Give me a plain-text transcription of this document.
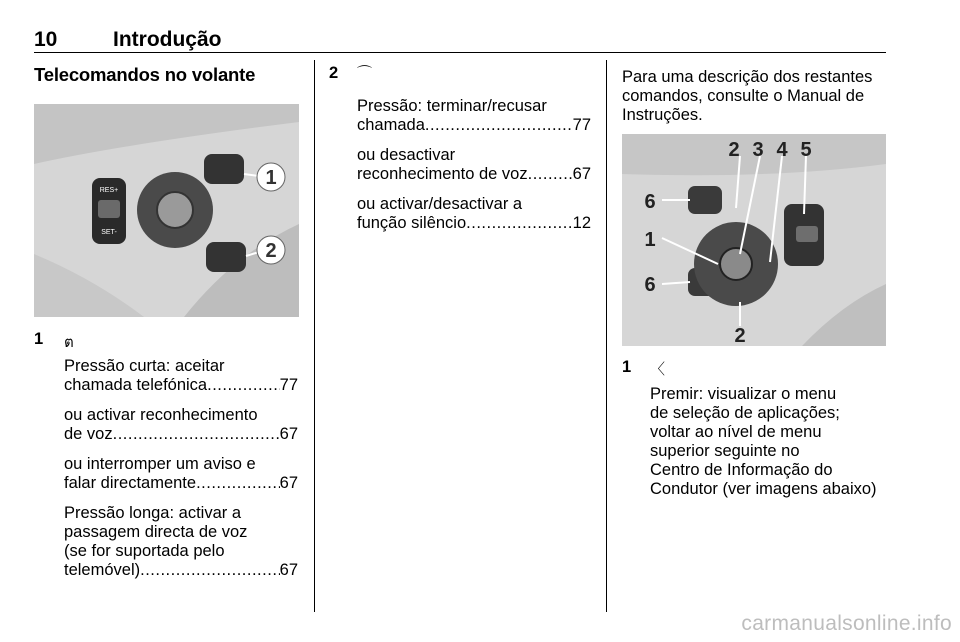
10	Introdução
Telecomandos no volante
1
2
RES+
SET-
1 ต
Pressão curta: aceitar
chamada telefónica .....	77
ou activar reconhecimento
de voz .....	67
ou interromper um aviso e
falar directamente .....	67
Pressão longa: activar a
passagem directa de voz
(se for suportada pelo
telemóvel) .....	67
2 ⌒
Pressão: terminar/recusar
chamada .....	77
ou desactivar
reconhecimento de voz .....	67
ou activar/desactivar a
função silêncio .....	12
Para uma descrição dos restantes
comandos, consulte o Manual de
Instruções.
2 3 4 5
6
1
6
2
1 〈
Premir: visualizar o menu
de seleção de aplicações;
voltar ao nível de menu
superior seguinte no
Centro de Informação do
Condutor (ver imagens abaixo)
carmanualsonline.info
